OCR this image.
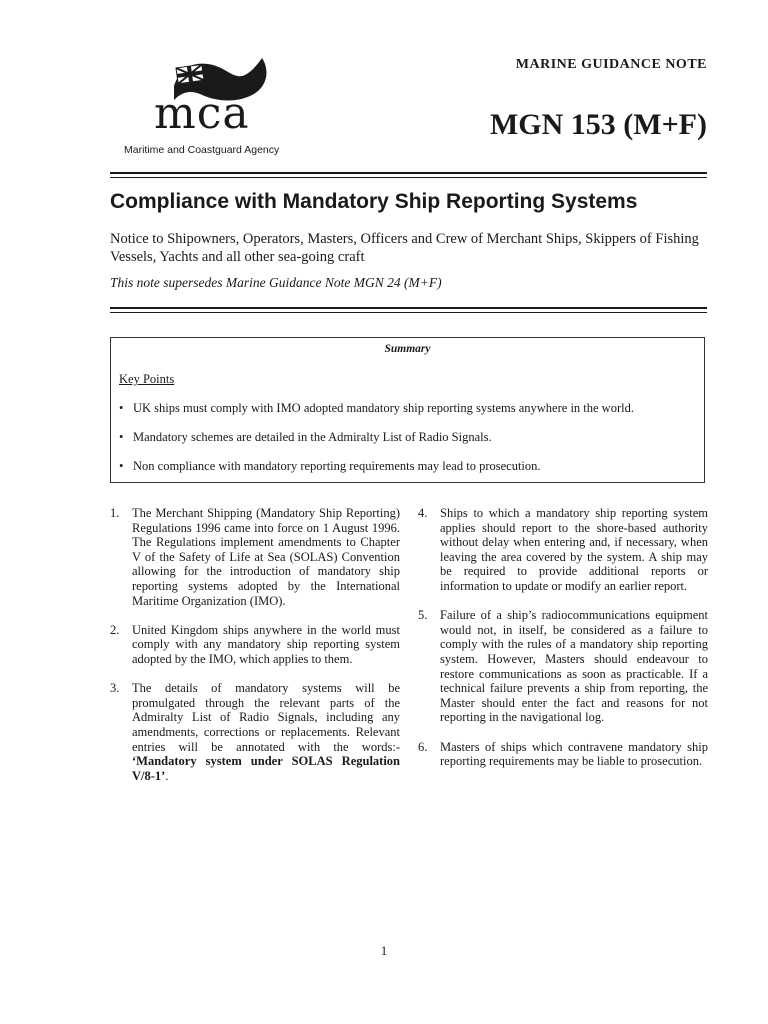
mca
Maritime and Coastguard Agency
MARINE GUIDANCE NOTE
MGN 153 (M+F)
Compliance with Mandatory Ship Reporting Systems
Notice to Shipowners, Operators, Masters, Officers and Crew of Merchant Ships, Skippers of Fishing Vessels, Yachts and all other sea-going craft
This note supersedes Marine Guidance Note MGN 24 (M+F)
Summary
Key Points
• UK ships must comply with IMO adopted mandatory ship reporting systems anywhere in the world.
• Mandatory schemes are detailed in the Admiralty List of Radio Signals.
• Non compliance with mandatory reporting requirements may lead to prosecution.
1.	The Merchant Shipping (Mandatory Ship Reporting) Regulations 1996 came into force on 1 August 1996. The Regulations implement amendments to Chapter V of the Safety of Life at Sea (SOLAS) Convention allowing for the introduction of mandatory ship reporting systems adopted by the International Maritime Organization (IMO).
2.	United Kingdom ships anywhere in the world must comply with any mandatory ship reporting system adopted by the IMO, which applies to them.
3.	The details of mandatory systems will be promulgated through the relevant parts of the Admiralty List of Radio Signals, including any amendments, corrections or replacements. Relevant entries will be annotated with the words:- ‘Mandatory system under SOLAS Regulation V/8-1’.
4.	Ships to which a mandatory ship reporting system applies should report to the shore-based authority without delay when entering and, if necessary, when leaving the area covered by the system. A ship may be required to provide additional reports or information to update or modify an earlier report.
5.	Failure of a ship’s radiocommunications equipment would not, in itself, be considered as a failure to comply with the rules of a mandatory ship reporting system. However, Masters should endeavour to restore communications as soon as practicable. If a technical failure prevents a ship from reporting, the Master should enter the fact and reasons for not reporting in the navigational log.
6.	Masters of ships which contravene mandatory ship reporting requirements may be liable to prosecution.
1
